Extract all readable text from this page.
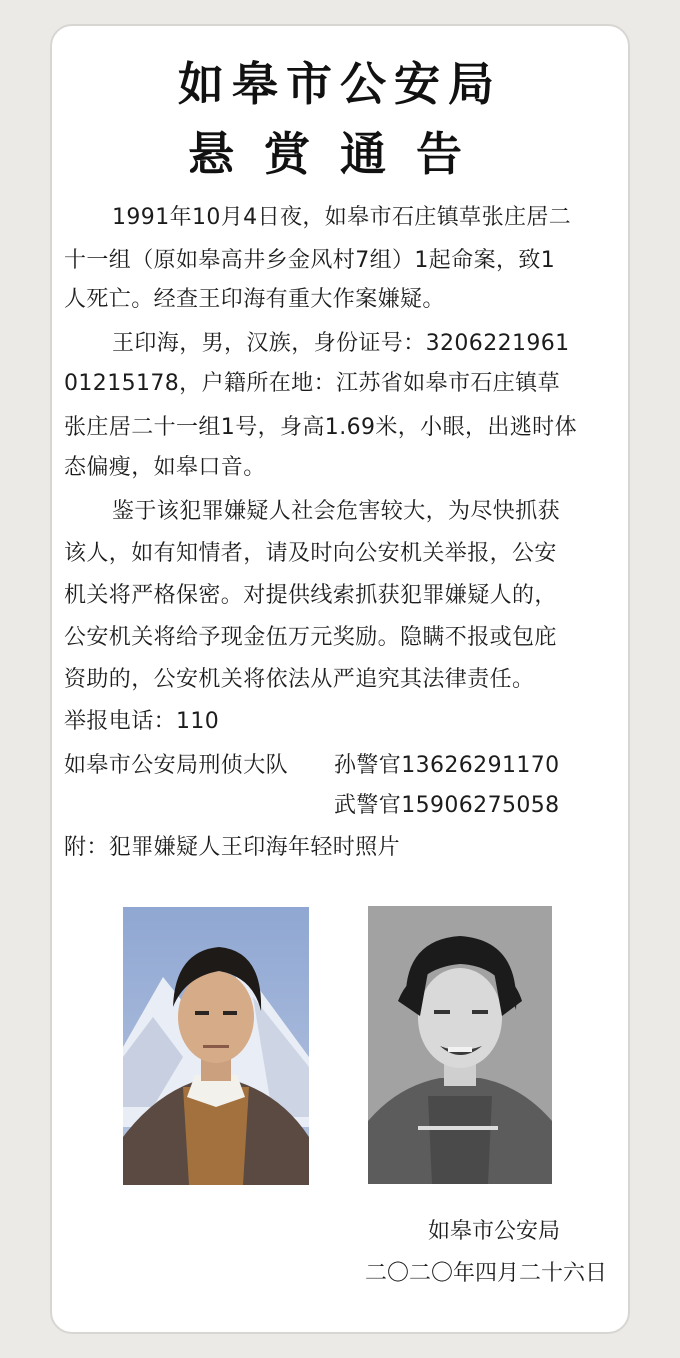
如皋市公安局
悬赏通告
1991年10月4日夜，如皋市石庄镇草张庄居二
十一组（原如皋高井乡金风村7组）1起命案，致1
人死亡。经查王印海有重大作案嫌疑。
王印海，男，汉族，身份证号：3206221961
01215178，户籍所在地：江苏省如皋市石庄镇草
张庄居二十一组1号，身高1.69米，小眼，出逃时体
态偏瘦，如皋口音。
鉴于该犯罪嫌疑人社会危害较大，为尽快抓获
该人，如有知情者，请及时向公安机关举报，公安
机关将严格保密。对提供线索抓获犯罪嫌疑人的，
公安机关将给予现金伍万元奖励。隐瞒不报或包庇
资助的，公安机关将依法从严追究其法律责任。
举报电话：110
如皋市公安局刑侦大队 孙警官13626291170
武警官15906275058
附：犯罪嫌疑人王印海年轻时照片
如皋市公安局
二〇二〇年四月二十六日
